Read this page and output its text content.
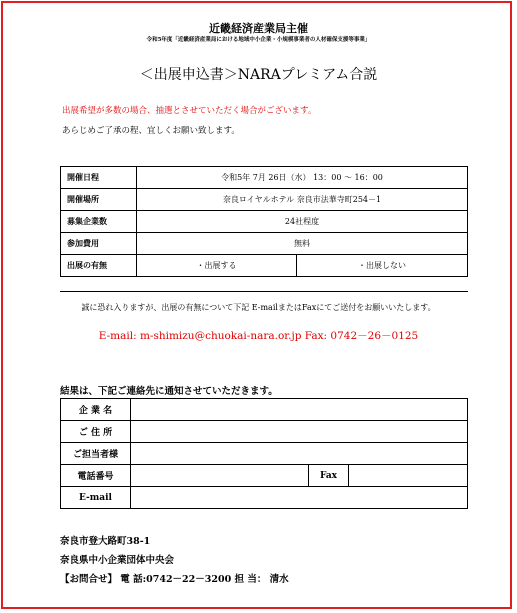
近畿経済産業局主催
令和5年度「近畿経済産業局における地域中小企業・小規模事業者の人材確保支援等事業」
＜出展申込書＞NARAプレミアム合説
出展希望が多数の場合、抽選とさせていただく場合がございます。
あらじめご了承の程、宜しくお願い致します。
開催日程	令和5年 7月 26日（水） 13：00 ～ 16：00	
開催場所	奈良ロイヤルホテル 奈良市法華寺町254－1	
募集企業数	24社程度	
参加費用	無料	
出展の有無	・出展する	・出展しない
誠に恐れ入りますが、出展の有無について下記 E-mailまたはFaxにてご送付をお願いいたします。
E-mail: m-shimizu@chuokai-nara.or.jp Fax: 0742－26－0125
結果は、下記ご連絡先に通知させていただきます。
企 業 名			
ご 住 所			
ご担当者様			
電話番号		Fax	
E-mail			
奈良市登大路町38-1
奈良県中小企業団体中央会
【お問合せ】 電 話:0742－22－3200 担 当： 清水
